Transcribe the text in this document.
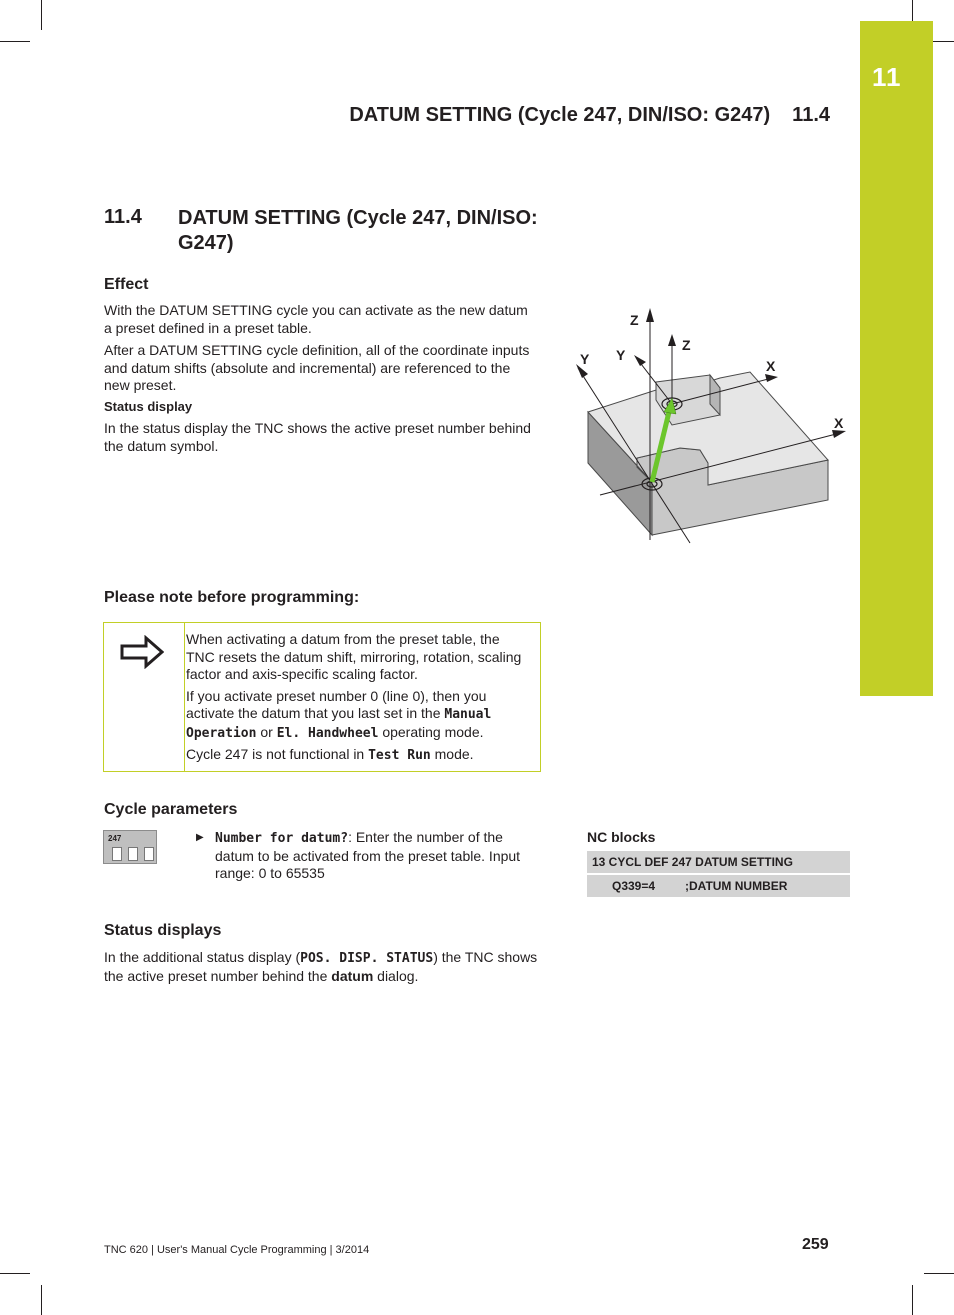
11
DATUM SETTING (Cycle 247, DIN/ISO: G247) 11.4
11.4 DATUM SETTING (Cycle 247, DIN/ISO: G247)
Effect
With the DATUM SETTING cycle you can activate as the new datum a preset defined in a preset table.
After a DATUM SETTING cycle definition, all of the coordinate inputs and datum shifts (absolute and incremental) are referenced to the new preset.
Status display
In the status display the TNC shows the active preset number behind the datum symbol.
Z
Y Y
Z
X
X
Please note before programming:

When activating a datum from the preset table, the TNC resets the datum shift, mirroring, rotation, scaling factor and axis-specific scaling factor.

If you activate preset number 0 (line 0), then you activate the datum that you last set in the Manual Operation or El. Handwheel operating mode.

Cycle 247 is not functional in Test Run mode.

Cycle parameters
247	▶ Number for datum?: Enter the number of the datum to be activated from the preset table. Input range: 0 to 65535
NC blocks
13 CYCL DEF 247 DATUM SETTING
Q339=4 ;DATUM NUMBER
Status displays
In the additional status display (POS. DISP. STATUS) the TNC shows the active preset number behind the datum dialog.
TNC 620 | User's Manual Cycle Programming | 3/2014	259
